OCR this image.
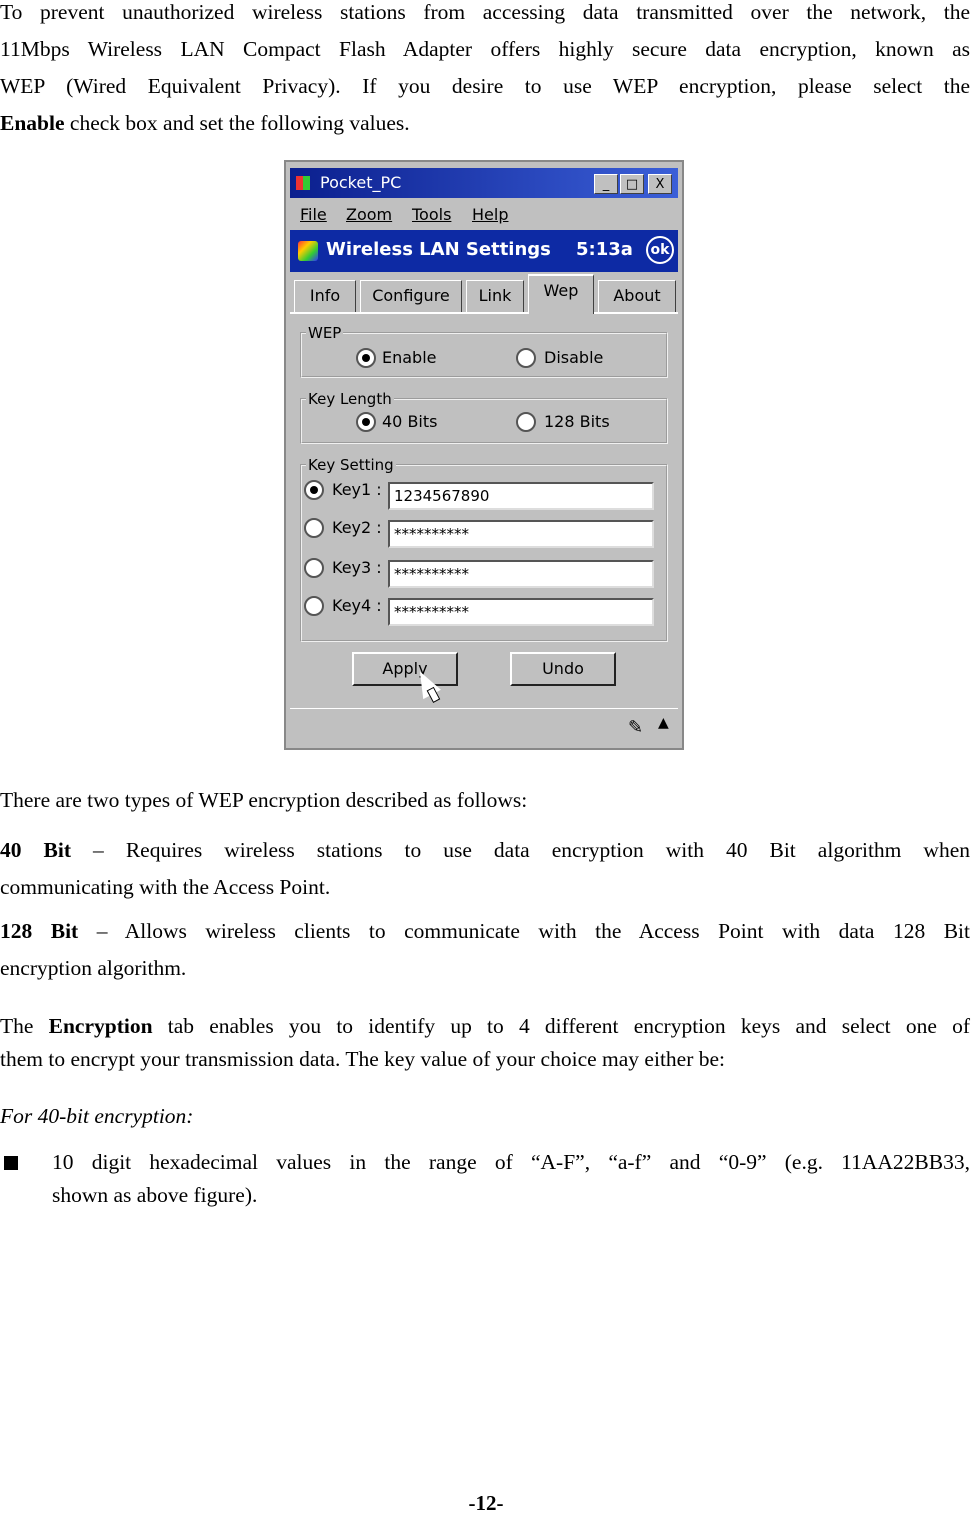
To prevent unauthorized wireless stations from accessing data transmitted over the network, the
11Mbps Wireless LAN Compact Flash Adapter offers highly secure data encryption, known as
WEP (Wired Equivalent Privacy). If you desire to use WEP encryption, please select the
Enable check box and set the following values.
Pocket_PC	_	□	X
File Zoom Tools Help
Wireless LAN Settings 5:13a	ok
Info	Configure	Link	Wep	About
WEP
Enable	Disable
Key Length
40 Bits	128 Bits
Key Setting
Key1 : 1234567890
Key2 : **********
Key3 : **********
Key4 : **********
Apply	Undo
✎ ▲

There are two types of WEP encryption described as follows:

40 Bit – Requires wireless stations to use data encryption with 40 Bit algorithm when
communicating with the Access Point.
128 Bit – Allows wireless clients to communicate with the Access Point with data 128 Bit
encryption algorithm.
The Encryption tab enables you to identify up to 4 different encryption keys and select one of
them to encrypt your transmission data. The key value of your choice may either be:

For 40-bit encryption:

10 digit hexadecimal values in the range of “A-F”, “a-f” and “0-9” (e.g. 11AA22BB33,
shown as above figure).
-12-
